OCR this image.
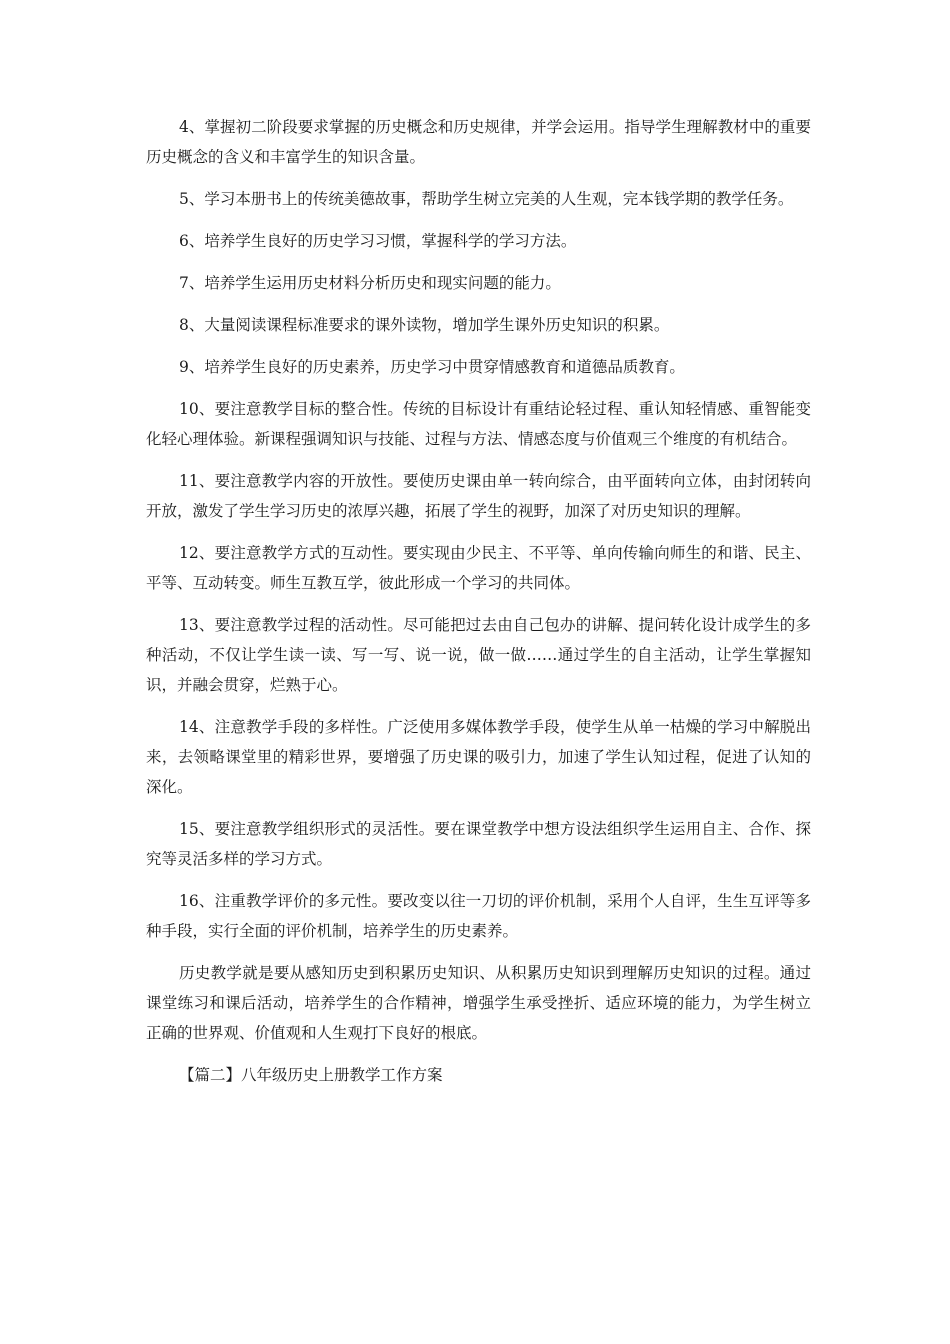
4、掌握初二阶段要求掌握的历史概念和历史规律，并学会运用。指导学生理解教材中的重要历史概念的含义和丰富学生的知识含量。

5、学习本册书上的传统美德故事，帮助学生树立完美的人生观，完本钱学期的教学任务。

6、培养学生良好的历史学习习惯，掌握科学的学习方法。

7、培养学生运用历史材料分析历史和现实问题的能力。

8、大量阅读课程标准要求的课外读物，增加学生课外历史知识的积累。

9、培养学生良好的历史素养，历史学习中贯穿情感教育和道德品质教育。

10、要注意教学目标的整合性。传统的目标设计有重结论轻过程、重认知轻情感、重智能变化轻心理体验。新课程强调知识与技能、过程与方法、情感态度与价值观三个维度的有机结合。

11、要注意教学内容的开放性。要使历史课由单一转向综合，由平面转向立体，由封闭转向开放，激发了学生学习历史的浓厚兴趣，拓展了学生的视野，加深了对历史知识的理解。

12、要注意教学方式的互动性。要实现由少民主、不平等、单向传输向师生的和谐、民主、平等、互动转变。师生互教互学，彼此形成一个学习的共同体。

13、要注意教学过程的活动性。尽可能把过去由自己包办的讲解、提问转化设计成学生的多种活动，不仅让学生读一读、写一写、说一说，做一做……通过学生的自主活动，让学生掌握知识，并融会贯穿，烂熟于心。

14、注意教学手段的多样性。广泛使用多媒体教学手段，使学生从单一枯燥的学习中解脱出来，去领略课堂里的精彩世界，要增强了历史课的吸引力，加速了学生认知过程，促进了认知的深化。

15、要注意教学组织形式的灵活性。要在课堂教学中想方设法组织学生运用自主、合作、探究等灵活多样的学习方式。

16、注重教学评价的多元性。要改变以往一刀切的评价机制，采用个人自评，生生互评等多种手段，实行全面的评价机制，培养学生的历史素养。

历史教学就是要从感知历史到积累历史知识、从积累历史知识到理解历史知识的过程。通过课堂练习和课后活动，培养学生的合作精神，增强学生承受挫折、适应环境的能力，为学生树立正确的世界观、价值观和人生观打下良好的根底。

【篇二】八年级历史上册教学工作方案
